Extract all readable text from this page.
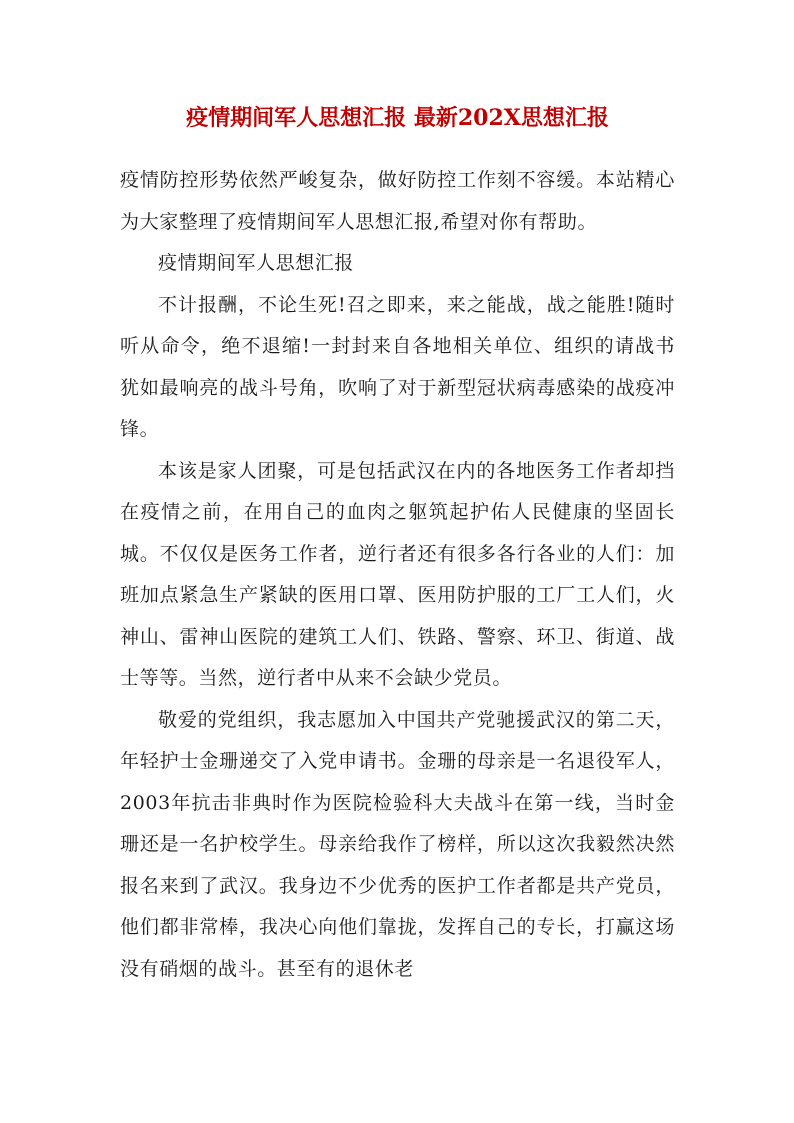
疫情期间军人思想汇报 最新202X思想汇报

疫情防控形势依然严峻复杂，做好防控工作刻不容缓。本站精心为大家整理了疫情期间军人思想汇报,希望对你有帮助。

疫情期间军人思想汇报

不计报酬，不论生死!召之即来，来之能战，战之能胜!随时听从命令，绝不退缩!一封封来自各地相关单位、组织的请战书犹如最响亮的战斗号角，吹响了对于新型冠状病毒感染的战疫冲锋。

本该是家人团聚，可是包括武汉在内的各地医务工作者却挡在疫情之前，在用自己的血肉之躯筑起护佑人民健康的坚固长城。不仅仅是医务工作者，逆行者还有很多各行各业的人们：加班加点紧急生产紧缺的医用口罩、医用防护服的工厂工人们，火神山、雷神山医院的建筑工人们、铁路、警察、环卫、街道、战士等等。当然，逆行者中从来不会缺少党员。

敬爱的党组织，我志愿加入中国共产党驰援武汉的第二天，年轻护士金珊递交了入党申请书。金珊的母亲是一名退役军人，2003年抗击非典时作为医院检验科大夫战斗在第一线，当时金珊还是一名护校学生。母亲给我作了榜样，所以这次我毅然决然报名来到了武汉。我身边不少优秀的医护工作者都是共产党员，他们都非常棒，我决心向他们靠拢，发挥自己的专长，打赢这场没有硝烟的战斗。甚至有的退休老
